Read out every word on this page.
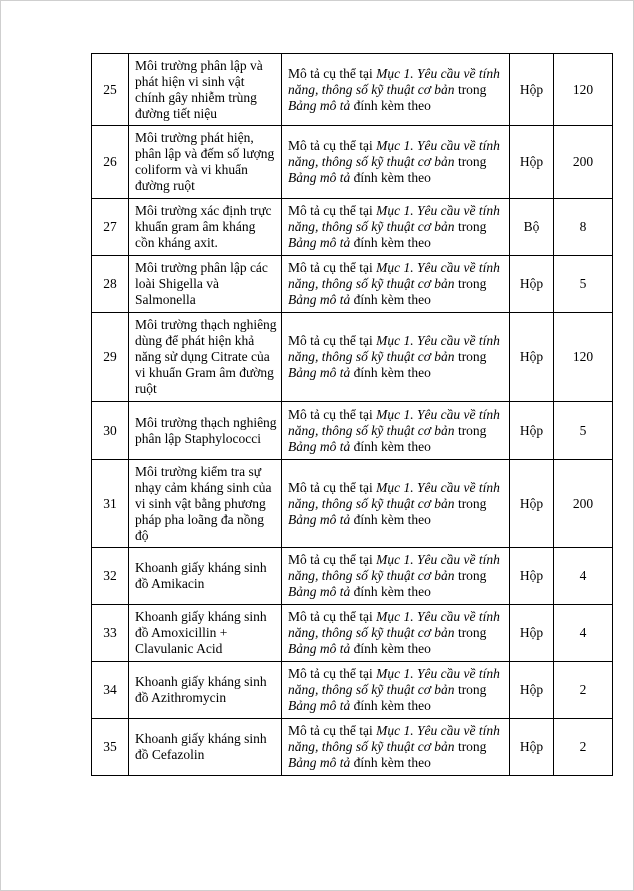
25	Môi trường phân lập và phát hiện vi sinh vật chính gây nhiễm trùng đường tiết niệu	Mô tả cụ thể tại Mục 1. Yêu cầu về tính năng, thông số kỹ thuật cơ bản trong Bảng mô tả đính kèm theo	Hộp	120
26	Môi trường phát hiện, phân lập và đếm số lượng coliform và vi khuẩn đường ruột	Mô tả cụ thể tại Mục 1. Yêu cầu về tính năng, thông số kỹ thuật cơ bản trong Bảng mô tả đính kèm theo	Hộp	200
27	Môi trường xác định trực khuẩn gram âm kháng cồn kháng axit.	Mô tả cụ thể tại Mục 1. Yêu cầu về tính năng, thông số kỹ thuật cơ bản trong Bảng mô tả đính kèm theo	Bộ	8
28	Môi trường phân lập các loài Shigella và Salmonella	Mô tả cụ thể tại Mục 1. Yêu cầu về tính năng, thông số kỹ thuật cơ bản trong Bảng mô tả đính kèm theo	Hộp	5
29	Môi trường thạch nghiêng dùng để phát hiện khả năng sử dụng Citrate của vi khuẩn Gram âm đường ruột	Mô tả cụ thể tại Mục 1. Yêu cầu về tính năng, thông số kỹ thuật cơ bản trong Bảng mô tả đính kèm theo	Hộp	120
30	Môi trường thạch nghiêng phân lập Staphylococci	Mô tả cụ thể tại Mục 1. Yêu cầu về tính năng, thông số kỹ thuật cơ bản trong Bảng mô tả đính kèm theo	Hộp	5
31	Môi trường kiểm tra sự nhạy cảm kháng sinh của vi sinh vật bằng phương pháp pha loãng đa nồng độ	Mô tả cụ thể tại Mục 1. Yêu cầu về tính năng, thông số kỹ thuật cơ bản trong Bảng mô tả đính kèm theo	Hộp	200
32	Khoanh giấy kháng sinh đồ Amikacin	Mô tả cụ thể tại Mục 1. Yêu cầu về tính năng, thông số kỹ thuật cơ bản trong Bảng mô tả đính kèm theo	Hộp	4
33	Khoanh giấy kháng sinh đồ Amoxicillin + Clavulanic Acid	Mô tả cụ thể tại Mục 1. Yêu cầu về tính năng, thông số kỹ thuật cơ bản trong Bảng mô tả đính kèm theo	Hộp	4
34	Khoanh giấy kháng sinh đồ Azithromycin	Mô tả cụ thể tại Mục 1. Yêu cầu về tính năng, thông số kỹ thuật cơ bản trong Bảng mô tả đính kèm theo	Hộp	2
35	Khoanh giấy kháng sinh đồ Cefazolin	Mô tả cụ thể tại Mục 1. Yêu cầu về tính năng, thông số kỹ thuật cơ bản trong Bảng mô tả đính kèm theo	Hộp	2
